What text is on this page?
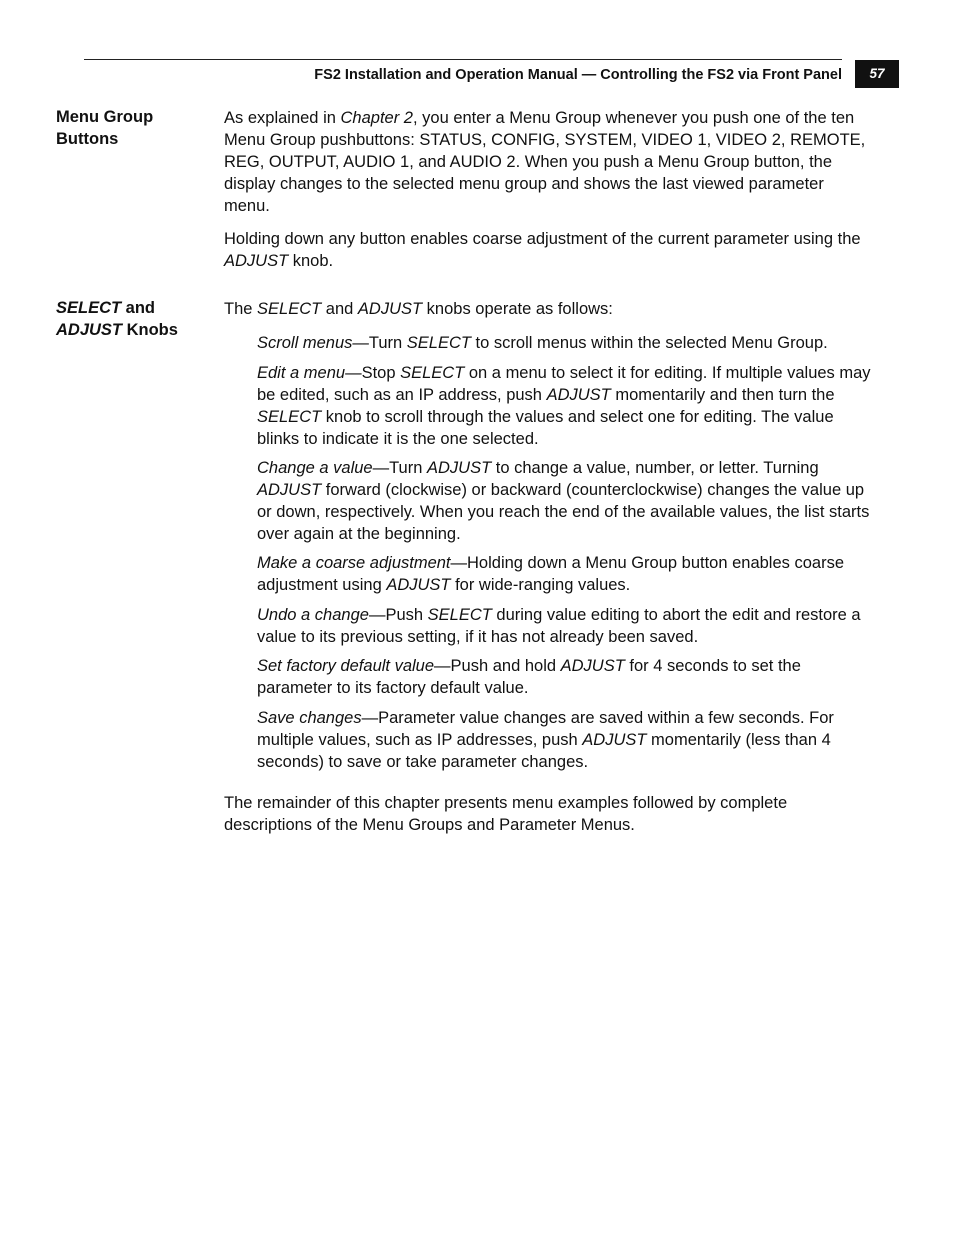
FS2 Installation and Operation Manual — Controlling the FS2 via Front Panel	57
Menu Group
Buttons

As explained in Chapter 2, you enter a Menu Group whenever you push one of the ten Menu Group pushbuttons: STATUS, CONFIG, SYSTEM, VIDEO 1, VIDEO 2, REMOTE, REG, OUTPUT, AUDIO 1, and AUDIO 2. When you push a Menu Group button, the display changes to the selected menu group and shows the last viewed parameter menu.

Holding down any button enables coarse adjustment of the current parameter using the ADJUST knob.

SELECT and
ADJUST Knobs

The SELECT and ADJUST knobs operate as follows:

Scroll menus—Turn SELECT to scroll menus within the selected Menu Group.

Edit a menu—Stop SELECT on a menu to select it for editing. If multiple values may be edited, such as an IP address, push ADJUST momentarily and then turn the SELECT knob to scroll through the values and select one for editing. The value blinks to indicate it is the one selected.

Change a value—Turn ADJUST to change a value, number, or letter. Turning ADJUST forward (clockwise) or backward (counterclockwise) changes the value up or down, respectively. When you reach the end of the available values, the list starts over again at the beginning.

Make a coarse adjustment—Holding down a Menu Group button enables coarse adjustment using ADJUST for wide-ranging values.

Undo a change—Push SELECT during value editing to abort the edit and restore a value to its previous setting, if it has not already been saved.

Set factory default value—Push and hold ADJUST for 4 seconds to set the parameter to its factory default value.

Save changes—Parameter value changes are saved within a few seconds. For multiple values, such as IP addresses, push ADJUST momentarily (less than 4 seconds) to save or take parameter changes.

The remainder of this chapter presents menu examples followed by complete descriptions of the Menu Groups and Parameter Menus.
